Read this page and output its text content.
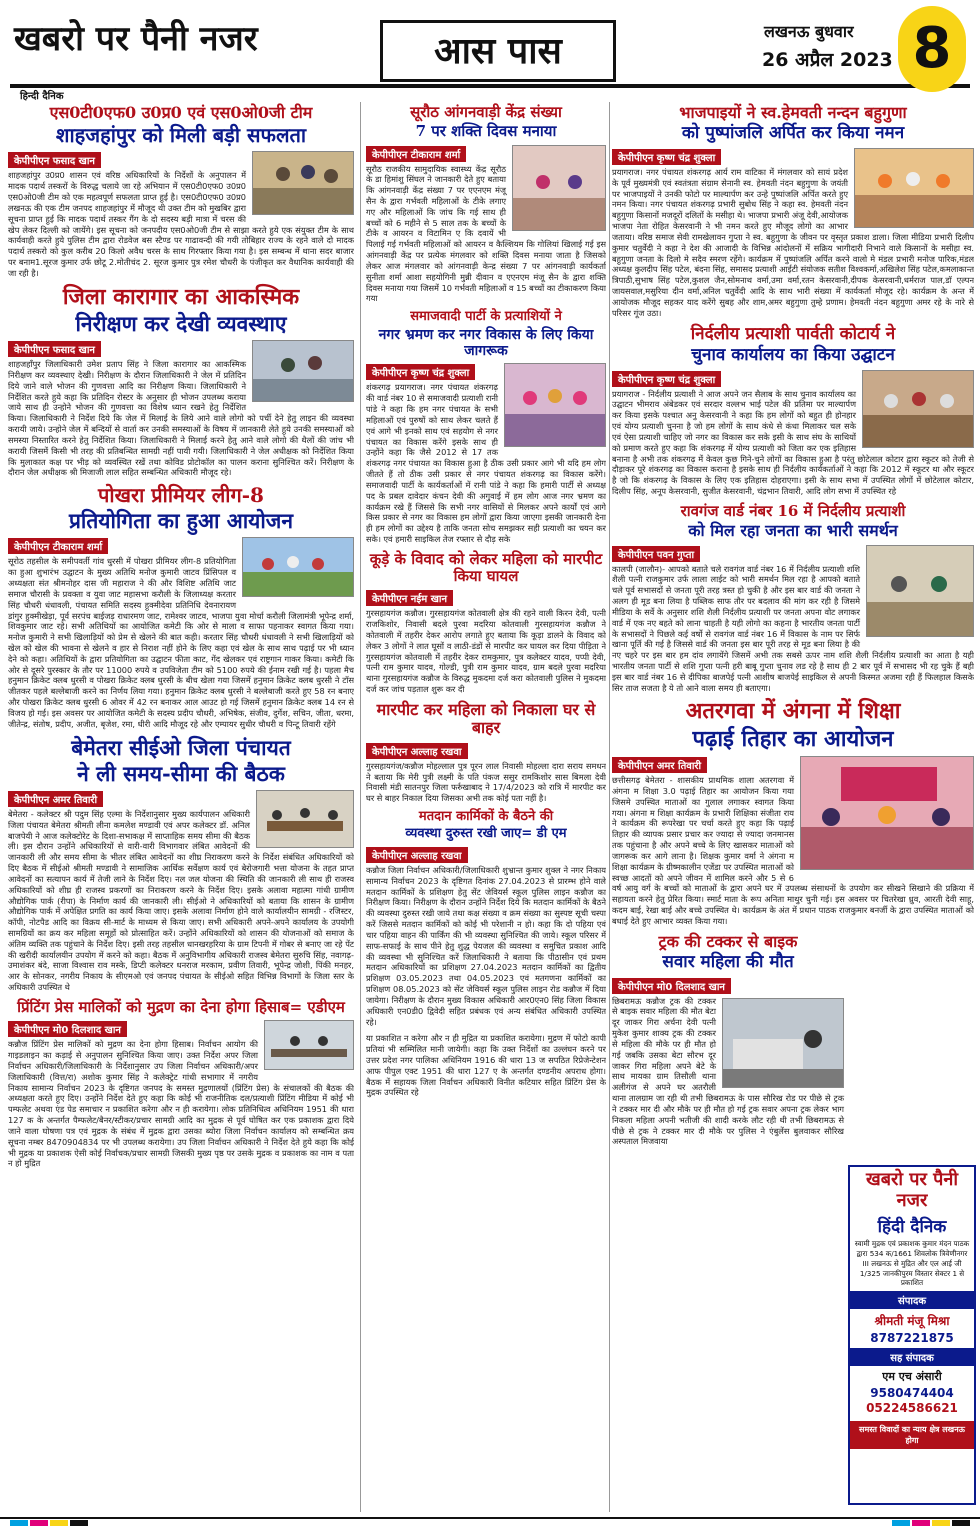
खबरो पर पैनी नजर
हिन्दी दैनिक
आस पास	लखनऊ बुधवार
26 अप्रैल 2023 8
एस0टी0एफ0 उ0प्र0 एवं एस0ओ0जी टीम
शाहजहांपुर को मिली बड़ी सफलता
केपीपीएन फसाद खान

शाहजहांपुर उ0प्र0 शासन एवं वरिष्ठ अधिकारियों के निर्देशों के अनुपालन में मादक पदार्थ तस्करों के विरुद्ध चलाये जा रहे अभियान में एस0टी0एफ0 उ0प्र0 एस0ओ0जी टीम को एक महत्वपूर्ण सफलता प्राप्त हुई है। एस0टी0एफ0 उ0प्र0 लखनऊ की एक टीम जनपद शाहजहांपुर में मौजूद थी उक्त टीम को मुखबिर द्वारा सूचना प्राप्त हुई कि मादक पदार्थ तस्कर गैंग के दो सदस्य बड़ी मात्रा में चरस की खेप लेकर दिल्ली को जायेंगे। इस सूचना को जनपदीय एस0ओ0जी टीम से साझा करते हुये एक संयुक्त टीम के साथ कार्यवाही करते हुये पुलिस टीम द्वारा रोडवेज बस स्टैण्ड पर गाढावन्दी की गयी तोबिहार राज्य के रहने वाले दो मादक पदार्थ तस्करो को कुल करीब 20 किलो अवैध चरस के साथ गिरफ्तार किया गया है। इस सम्बन्ध में थाना सदर बाजार पर बनाम1.सूरज कुमार उर्फ छोटू 2.मोतीचंद 2. सूरज कुमार पुत्र रमेश चौधरी के पंजीकृत कर वैधानिक कार्यवाही की जा रही है।

जिला कारागार का आकस्मिक
निरीक्षण कर देखी व्यवस्थाए
केपीपीएन फसाद खान

शाहजहाँपुर जिलाधिकारी उमेश प्रताप सिंह ने जिला कारागार का आकस्मिक निरीक्षण कर व्यवस्थाए देखी। निरीक्षण के दौरान जिलाधिकारी ने जेल में प्रतिदिन दिये जाने वाले भोजन की गुणवत्ता आदि का निरीक्षण किया। जिलाधिकारी ने निर्देशित करते हुये कहा कि प्रतिदिन रोस्टर के अनुसार ही भोजन उपलब्ध कराया जाये साथ ही उन्होने भोजन की गुणवत्ता का विशेष ध्यान रखने हेतु निर्देशित किया। जिलाधिकारी ने निर्देश दिये कि जेल में मिलाई के लिये आने वाले लोगो को पर्ची देने हेतु लाइन की व्यवस्था करायी जाये। उन्होने जेल में बन्दियों से वार्ता कर उनकी समस्याओं के विषय में जानकारी लेते हुये उनकी समस्याओं को समस्या निस्तारित करने हेतु निर्देशित किया। जिलाधिकारी ने मिलाई करने हेतु आने वाले लोगो की थैलों की जांच भी करायी जिसमें किसी भी तरह की प्रतिबन्धित सामग्री नहीं पायी गयी। जिलाधिकारी ने जेल अधीक्षक को निर्देशित किया कि मुलाकात कक्ष पर भीड़ को व्यवस्थित रखें तथा कोविड प्रोटोकॉल का पालन कराना सुनिश्चित करें। निरीक्षण के दौरान जेल अधीक्षक श्री मिजाजी लाल सहित सम्बन्धित अधिकारी मौजूद रहे।

पोखरा प्रीमियर लीग-8
प्रतियोगिता का हुआ आयोजन
केपीपीएन टीकाराम शर्मा

सूरोठ तहसील के समीपवर्ती गांव धुरसी में पोखरा प्रीमियर लीग-8 प्रतियोगिता का हुआ शुभारंभ उद्घाटन के मुख्य अतिथि मनोज कुमारी जाटव प्रिंसिपल व अध्यक्षता संत श्रीमनोहर दास जी महाराज ने की और विशिष्ट अतिथि जाट समाज चौरासी के प्रवक्ता व युवा जाट महासभा करौली के जिलाध्यक्ष करतार सिंह चौधरी धंधावली, पंचायत समिति सदस्य हुक्मीदेवा प्रतिनिधि देवनारायण डांगुर हुक्मीखेड़ा, पूर्व सरपंच बाईजड़ राधारमण जाट, रामेश्वर जाटव, भाजपा युवा मोर्चा करौली जिलामंत्री भूपेन्द्र शर्मा, शिवकुमार जाट रहे। सभी अतिथियों का आयोजित कमेटी कि ओर से माला व साफा पहनाकर स्वागत किया गया। मनोज कुमारी ने सभी खिलाड़ियों को प्रेम से खेलने की बात कही। करतार सिंह चौधरी धंधावली ने सभी खिलाड़ियों को खेल को खेल की भावना से खेलने व हार से निराश नहीं होने के लिए कहा एवं खेल के साथ साथ पढ़ाई पर भी ध्यान देने को कहा। अतिथियों के द्वारा प्रतियोगिता का उद्घाटन फीता काट, गेंद खेलकर एवं राष्ट्रगान गाकर किया। कमेटी कि ओर से दूसरे पुरस्कार के तौर पर 11000 रुपये व उपविजेता टीम को 5100 रुपये की ईनाम रखी गई है। पहला मैच हनुमान क्रिकेट क्लब धुरसी व पोखरा क्रिकेट क्लब धुरसी के बीच खेला गया जिसमें हनुमान क्रिकेट क्लब धुरसी ने टॉस जीतकर पहले बल्लेबाजी करने का निर्णय लिया गया। हनुमान क्रिकेट क्लब धुरसी ने बल्लेबाजी करते हुए 58 रन बनाए और पोखरा क्रिकेट क्लब धुरसी 6 ओवर में 42 रन बनाकर आल आउट हो गई जिसमें हनुमान क्रिकेट क्लब 14 रन से विजय हो गई। इस अवसर पर आयोजित कमेटी के सदस्य प्रदीप चौधरी, अभिषेक, संजीव, दुर्गेश, सचिन, जीता, धरमा, जीतेन्द्र, संतोष, प्रदीप, अजीत, बृजेश, रमा, धीरी आदि मौजूद रहे और एम्पायर सुधीर चौधरी व पिन्टू तिवारी रहेंगे

बेमेतरा सीईओ जिला पंचायत
ने ली समय-सीमा की बैठक
केपीपीएन अमर तिवारी

बेमेतरा - कलेक्टर श्री पदुम सिंह एल्मा के निर्देशानुसार मुख्य कार्यपालन अधिकारी जिला पंचायत बेमेतरा श्रीमती लीना कमलेश मण्डावी एवं अपर कलेक्टर डॉ. अनिल बाजपेयी ने आज कलेक्टोरेट के दिशा-सभाकक्ष में साप्ताहिक समय सीमा की बैठक ली। इस दौरान उन्होंने अधिकारियों से वारी-वारी विभागवार लंबित आवेदनों की जानकारी ली और समय सीमा के भीतर लंबित आवेदनों का शीघ्र निराकरण करने के निर्देश संबंधित अधिकारियों को दिए बैठक में सीईओ श्रीमती मण्डावी ने सामाजिक आर्थिक सर्वेक्षण कार्य एवं बेरोजगारी भत्ता योजना के तहत प्राप्त आवेदनों का सत्यापन कार्य में तेजी लाने के निर्देश दिए। नल जल योजना की स्थिति की जानकारी ली साथ ही राजस्व अधिकारियों को शीघ्र ही राजस्व प्रकरणों का निराकरण करने के निर्देश दिए। इसके अलावा महात्मा गांधी ग्रामीण औद्योगिक पार्क (रीपा) के निर्माण कार्य की जानकारी ली। सीईओ ने अधिकारियों को बताया कि शासन के ग्रामीण औद्योगिक पार्क में अपेक्षित प्रगति का कार्य किया जाए। इसके अलावा निर्माण होने वाले कार्यालयीन सामग्री - रजिस्टर, कॉपी, नोटपैड आदि का विक्रय सी-मार्ट के माध्यम से किया जाए। सभी अधिकारी अपने-अपने कार्यालय के उपयोगी सामग्रियों का क्रय कर महिला समूहों को प्रोत्साहित करें। उन्होंने अधिकारियों को शासन की योजनाओं को समाज के अंतिम व्यक्ति तक पहुंचाने के निर्देश दिए। इसी तरह तहसील धानखरहरिया के ग्राम टिपनी में गोबर से बनाए जा रहे पेंट की खरीदी कार्यालयीन उपयोग में करने को कहा। बैठक में अनुविभागीय अधिकारी राजस्व बेमेतरा सुरुचि सिंह, नवागढ़-उमाशंकर बंदे, साजा विश्वास राव मस्के, डिप्टी कलेक्टर धनराज मरकाम, प्रवीण तिवारी, भूपेन्द्र जोशी, पिंकी मनहर, आर के सोनकर, नगरीय निकाय के सीएमओ एवं जनपद पंचायत के सीईओ सहित विभिन्न विभागों के जिला स्तर के अधिकारी उपस्थित थे

प्रिंटिंग प्रेस मालिकों को मुद्रण का देना होगा हिसाब= एडीएम
केपीपीएन मो0 दिलशाद खान

कन्नौज प्रिंटिंग प्रेस मालिकों को मुद्रण का देना होगा हिसाब। निर्वाचन आयोग की गाइडलाइन का कड़ाई से अनुपालन सुनिश्चित किया जाए। उक्त निर्देश अपर जिला निर्वाचन अधिकारी/जिलाधिकारी के निर्देशानुसार उप जिला निर्वाचन अधिकारी/अपर जिलाधिकारी (वित्त/रा) अशोक कुमार सिंह ने कलेक्ट्रेट गांधी सभागार में नगरीय निकाय सामान्य निर्वाचन 2023 के दृष्टिगत जनपद के समस्त मुद्रणालयों (प्रिंटिंग प्रेस) के संचालकों की बैठक की अध्यक्षता करते हुए दिए। उन्होंने निर्देश देते हुए कहा कि कोई भी राजनीतिक दल/प्रत्याशी प्रिंटिंग मीडिया में कोई भी पम्फलेट अथवा एंड पेड समाचार न प्रकाशित करेगा और न ही करायेगा। लोक प्रतिनिधित्व अधिनियम 1951 की धारा 127 क के अन्तर्गत पैम्फलेट/बैनर/स्टीकर/प्रचार सामग्री आदि का मुद्रक से पूर्व घोषित कर एक प्रकाशक द्वारा दिये जाने वाला घोषणा पत्र एवं मुद्रक के संबंध में मुद्रक द्वारा उसका ब्योरा जिला निर्वाचन कार्यालय को सम्बन्धित क्रय सूचना नम्बर 8470904834 पर भी उपलब्ध करायेगा। उप जिला निर्वाचन अधिकारी ने निर्देश देते हुये कहा कि कोई भी मुद्रक या प्रकाशक ऐसी कोई निर्वाचक/प्रचार सामग्री जिसकी मुख्य पृष्ठ पर उसके मुद्रक व प्रकाशक का नाम व पता न हो मुद्रित

सूरौठ आंगनवाड़ी केंद्र संख्या
7 पर शक्ति दिवस मनाया
केपीपीएन टीकाराम शर्मा

सूरौठ राजकीय सामुदायिक स्वास्थ्य केंद्र सूरौठ के डा हिमांशु सिंघल ने जानकारी देते हुए बताया कि आंगनवाड़ी केंद्र संख्या 7 पर एएनएम मंजू सैन के द्वारा गर्भवती महिलाओं के टीके लगाए गए और महिलाओं कि जांच कि गई साथ ही बच्चों को 6 महीने से 5 साल तक के बच्चों के टीके व आयरन व विटामिन ए कि दवायें भी पिलाई गई गर्भवती महिलाओं को आयरन व कैल्शियम कि गोलियां खिलाई गई इस आंगनवाड़ी केंद्र पर प्रत्येक मंगलवार को शक्ति दिवस मनाया जाता है जिसको लेकर आज मंगलवार को आंगनवाड़ी केन्द्र संख्या 7 पर आंगनवाड़ी कार्यकर्ता सुनीता शर्मा आशा सहयोगिनी मुन्नी दीवान व एएनएम मंजू सैन के द्वारा शक्ति दिवस मनाया गया जिसमें 10 गर्भवती महिलाओं व 15 बच्चों का टीकाकरण किया गया

समाजवादी पार्टी के प्रत्याशियों ने
नगर भ्रमण कर नगर विकास के लिए किया जागरूक
केपीपीएन कृष्ण चंद्र शुक्ला

शंकरगढ़ प्रयागराज। नगर पंचायत शंकरगढ़ की वार्ड नंबर 10 से समाजवादी प्रत्याशी रानी पांडे ने कहा कि हम नगर पंचायत के सभी महिलाओं एवं पुरुषों को साथ लेकर चलते हैं एवं आगे भी इनको साथ एवं सहयोग से नगर पंचायत का विकास करेंगे इसके साथ ही उन्होंने कहा कि जैसे 2012 से 17 तक शंकरगढ़ नगर पंचायत का विकास हुआ है ठीक उसी प्रकार आगे भी यदि हम लोग जीतते हैं तो ठीक उसी प्रकार से नगर पंचायत शंकरगढ़ का विकास करेंगे। समाजवादी पार्टी के कार्यकर्ताओं में रानी पांडे ने कहा कि हमारी पार्टी से अध्यक्ष पद के प्रबल दावेदार कंचन देवी की अगुवाई में हम लोग आज नगर भ्रमण का कार्यक्रम रखे हैं जिससे कि सभी नगर वासियों से मिलकर अपने कार्यों एवं आगे किस प्रकार से नगर का विकास हम लोगों द्वारा किया जाएगा इसकी जानकारी देना ही हम लोगों का उद्देश्य है ताकि जनता सोच समझकर सही प्रत्याशी का चयन कर सके। एवं हमारी साइकिल तेज रफ्तार से दौड़ सके

कूड़े के विवाद को लेकर महिला को मारपीट किया घायल
केपीपीएन नईम खान

गुरसहायगंज कन्नौज। गुरसहायगंज कोतवाली क्षेत्र की रहने वाली किरन देवी, पत्नी राजकिशोर, निवासी बदले पुरवा मदरिया कोतवाली गुरसहायगंज कन्नौज ने कोतवाली में तहरीर देकर आरोप लगाते हुए बताया कि कूड़ा डालने के विवाद को लेकर 3 लोगों ने लात घूसों व लाठी-डंडों से मारपीट कर घायल कर दिया पीड़िता ने गुरसहायगंज कोतवाली में तहरीर देकर रामकुमार, पुत्र कलेक्टर यादव, पप्पी देवी, पत्नी राम कुमार यादव, गोल्डी, पुत्री राम कुमार यादव, ग्राम बदले पुरवा मदरिया थाना गुरसहायगंज कन्नौज के विरुद्ध मुकदमा दर्ज करा कोतवाली पुलिस ने मुकदमा दर्ज कर जांच पड़ताल शुरू कर दी

मारपीट कर महिला को निकाला घर से बाहर
केपीपीएन अल्लाह रखवा

गुरसहायगंज/कन्नौज मोहल्लाल पुत्र पूरन लाल निवासी मोहल्ला दारा सराय समधन ने बताया कि मेरी पुत्री लक्ष्मी के पति पंकज ससुर रामकिशोर सास बिमला देवी निवासी मंडी सातनपुर जिला फर्रुखाबाद ने 17/4/2023 को रात्रि में मारपीट कर घर से बाहर निकाल दिया जिसका अभी तक कोई पता नहीं है।

मतदान कार्मिकों के बैठने की
व्यवस्था दुरुस्त रखी जाए= डी एम
केपीपीएन अल्लाह रखवा

कन्नौज जिला निर्वाचन अधिकारी/जिलाधिकारी शुभ्रान्त कुमार शुक्ल ने नगर निकाय सामान्य निर्वाचन 2023 के दृष्टिगत दिनांक 27.04.2023 से प्रारम्भ होने वाले मतदान कार्मिकों के प्रशिक्षण हेतु सेंट जेवियर्स स्कूल पुलिस लाइन कन्नौज का निरीक्षण किया। निरीक्षण के दौरान उन्होंने निर्देश दिये कि मतदान कार्मिकों के बैठने की व्यवस्था दुरुस्त रखी जाये तथा कक्ष संख्या व क्रम संख्या का सुस्पष्ट सूची चस्पा करें जिससे मतदान कार्मिकों को कोई भी परेशानी न हो। कहा कि दो पहिया एवं चार पहिया वाहन की पार्किंग की भी व्यवस्था सुनिश्चित की जाये। स्कूल परिसर में साफ-सफाई के साथ पीने हेतु शुद्ध पेयजल की व्यवस्था व समुचित प्रकाश आदि की व्यवस्था भी सुनिश्चित करें जिलाधिकारी ने बताया कि पीठासीन एवं प्रथम मतदान अधिकारियों का प्रशिक्षण 27.04.2023 मतदान कार्मिकों का द्वितीय प्रशिक्षण 03.05.2023 तथा 04.05.2023 एवं मतगणना कार्मिकों का प्रशिक्षण 08.05.2023 को सेंट जेवियर्स स्कूल पुलिस लाइन रोड कन्नौज में दिया जायेगा। निरीक्षण के दौरान मुख्य विकास अधिकारी आर0एन0 सिंह जिला विकास अधिकारी एन0डी0 द्विवेदी सहित प्रबंधक एवं अन्य संबंधित अधिकारी उपस्थित रहे।

या प्रकाशित न करेगा और न ही मुद्रित या प्रकाशित करायेगा। मुद्रण में फोटो कापी प्रतियां भी सम्मिलित मानी जायेगी। कहा कि उक्त निर्देशों का उल्लंघन करने पर उत्तर प्रदेश नगर पालिका अधिनियम 1916 की धारा 13 ज सपठित रिप्रेजेन्टेशन आफ पीपुल एक्ट 1951 की धारा 127 ए के अन्तर्गत दण्डनीय अपराध होगा। बैठक में सहायक जिला निर्वाचन अधिकारी विनीत कटियार सहित प्रिंटिंग प्रेस के मुद्रक उपस्थित रहे

भाजपाइयों ने स्व.हेमवती नन्दन बहुगुणा
को पुष्पांजलि अर्पित कर किया नमन
केपीपीएन कृष्ण चंद्र शुक्ला

प्रयागराज। नगर पंचायत शंकरगढ़ आर्य राम वाटिका में मंगलवार को सायं प्रदेश के पूर्व मुख्यमंत्री एवं स्वतंत्रता संग्राम सेनानी स्व. हेमवती नंदन बहुगुणा के जयंती पर भाजपाइयों ने उनकी फोटो पर माल्यार्पण कर उन्हे पुष्पांजलि अर्पित करते हुए नमन किया। नगर पंचायत शंकरगढ़ प्रभारी सुबोध सिंह ने कहा स्व. हेमवती नंदन बहुगुणा किसानों मजदूरों दलितों के मसीहा थे। भाजपा प्रभारी अंजू देवी,आयोजक भाजपा नेता रोहित केसरवानी ने भी नमन करते हुए मौजूद लोगो का आभार जताया। वरिष्ठ समाज सेवी रामखेलावन गुप्ता ने स्व. बहुगुणा के जीवन पर वृस्तृत प्रकाश डाला। जिला मीडिया प्रभारी दिलीप कुमार चतुर्वेदी ने कहा ने देश की आजादी के विभिन्न आंदोलनों में सक्रिय भागीदारी निभाने वाले किसानों के मसीहा स्व. बहुगुणा जनता के दिलो मे सदैव स्मरण रहेंगे। कार्यक्रम में पुष्पांजलि अर्पित करने वालो मे मंडल प्रभारी मनोज पारिक,मंडल अध्यक्ष कुलदीप सिंह पटेल, बंदना सिंह, समासद प्रत्याशी आईटी संयोजक सतीश विश्वकर्मा,अखिलेश सिंह पटेल,कमलाकान्त त्रिपाठी,सुभाष सिंह पटेल,कुशल जैन,सोमनाथ वर्मा,उमा वर्मा,रतन केसरवानी,दीपक केसरवानी,धर्मराज पाल,डॉ एल्पन जायसवाल,मसुरिया दीन वर्मा,अनिल चतुर्वेदी आदि के साथ भारी संख्या में कार्यकर्ता मौजूद रहे। कार्यक्रम के अन्त में आयोजक मौजूद सहकर याद करेंगे सुबह और शाम,अमर बहुगुणा तुम्हे प्रणाम। हेमवती नंदन बहुगुणा अमर रहे के नारे से परिसर गूंज उठा।

निर्दलीय प्रत्याशी पार्वती कोटार्य ने
चुनाव कार्यालय का किया उद्घाटन
केपीपीएन कृष्ण चंद्र शुक्ला

प्रयागराज - निर्दलीय प्रत्याशी ने आज अपने जन सैलाब के साथ चुनाव कार्यालय का उद्घाटन भीमराव अंबेडकर एवं सरदार वल्लभ भाई पटेल की प्रतिमा पर माल्यार्पण कर किया इसके पश्चात अनु केसरवानी ने कहा कि हम लोगों को बहुत ही होनहार एवं योग्य प्रत्याशी चुनना है जो हम लोगों के साथ कंधे से कंधा मिलाकर चल सके एवं ऐसा प्रत्याशी चाहिए जो नगर का विकास कर सके इसी के साथ संघ के साथियों को प्रमाण करते हुए कहा कि शंकरगढ़ में योग्य प्रत्याशी को जिता कर एक इतिहास बनाना है अभी तक शंकरगढ़ में केवल कुछ गिने-चुने लोगों का विकास हुआ है परंतु छोटेलाल कोटार द्वारा स्कूटर को तेजी से दौड़ाकर पूरे शंकरगढ़ का विकास कराना है इसके साथ ही निर्दलीय कार्यकर्ताओं ने कहा कि 2012 में स्कूटर था और स्कूटर है जो कि शंकरगढ़ के विकास के लिए एक इतिहास दोहराएगा। इसी के साथ सभा में उपस्थित लोगों में छोटेलाल कोटार, दिलीप सिंह, अनूप केसरवानी, सुजीत केसरवानी, चंद्रभान तिवारी, आदि लोग सभा में उपस्थित रहे

रावगंज वार्ड नंबर 16 में निर्दलीय प्रत्याशी
को मिल रहा जनता का भारी समर्थन
केपीपीएन पवन गुप्ता

कालपी (जालौन)- आपको बताते चले रावगंज वार्ड नंबर 16 में निर्दलीय प्रत्याशी शशि शैली पत्नी राजकुमार उर्फ लाला लाईट को भारी समर्थन मिल रहा है आपको बताते चले पूर्व सभासदों से जनता पूरी तरह त्रस्त हो चुकी है और इस बार वार्ड की जनता ने अलग ही मूड बना लिया है पब्लिक साफ तौर पर बदलाव की मांग कर रही है जिसमे मीडिया के सर्वे के अनुसार शशि शैली निर्दलीय प्रत्याशी पर जनता अपना वोट लगाकर वार्ड में एक नए बहते को लाना चाहती है यही लोगो का कहना है भारतीय जनता पार्टी के सभासदों ने पिछले कई वर्षो से रावगंज वार्ड नंबर 16 में विकास के नाम पर सिर्फ खाना पूर्ति की गई है जिससे वार्ड की जनता इस बार पूरी तरह से मूड बना लिया है की नए चहरे पर इस बार हम दांव लगायेंगे जिसमें अभी तक सबसे ऊपर नाम शशि शैली निर्दलीय प्रत्याशी का आता है यही भारतीय जनता पार्टी से शशि गुप्ता पत्नी हरी बाबू गुप्ता चुनाव लड रहे है साथ ही 2 बार पूर्व में सभासद भी रह चुके हैं बही इस बार वार्ड नंबर 16 से दीपिका बाजपेई पत्नी आशीष बाजपेई साइकिल से अपनी किस्मत अजमा रही हैं फिलहाल किसके सिर ताज सजता है ये तो आने वाला समय ही बताएगा।

अतरगवा में अंगना में शिक्षा
पढ़ाई तिहार का आयोजन
केपीपीएन अमर तिवारी

छत्तीसगढ़ बेमेतरा - शासकीय प्राथमिक शाला अतरगवा में अंगना म शिक्षा 3.0 पढ़ाई तिहार का आयोजन किया गया जिसमे उपस्थित माताओं का गुलाल लगाकर स्वागत किया गया। अंगना म शिक्षा कार्यक्रम के प्रभारी शिक्षिका संजीता राय ने कार्यक्रम की रूपरेखा पर चर्चा करते हुए कहा कि पढ़ाई तिहार की व्यापक प्रसार प्रचार कर ज्यादा से ज्यादा जनमानस तक पहुंचाना है और अपने बच्चे के लिए खासकर माताओं को जागरूक कर आगे लाना है। शिक्षक कुमार वर्मा ने अंगना म शिक्षा कार्यक्रम के ग्रीष्मकालीन एजेंडा पर उपस्थित माताओं को स्वच्छ आदतों को अपने जीवन में शामिल करने और 5 से 6 वर्ष आयु वर्ग के बच्चों को माताओं के द्वारा अपने घर में उपलब्ध संसाधनों के उपयोग कर सीखने सिखाने की प्रक्रिया में सहायता करने हेतु प्रेरित किया। स्मार्ट माता के रूप अनिता माथुर चुनी गई। इस अवसर पर चितरेखा ध्रुव, आरती देवी साहू, कदम बाई, रेखा बाई और बच्चे उपस्थित थे। कार्यक्रम के अंत में प्रधान पाठक राजकुमार बनर्जी के द्वारा उपस्थित माताओं को बधाई देते हुए आभार व्यक्त किया गया।

ट्रक की टक्कर से बाइक
सवार महिला की मौत
केपीपीएन मो0 दिलशाद खान

छिबरामऊ कन्नौज ट्रक की टक्कर से बाइक सवार महिला की मौत बेटा दूर जाकर गिरा अर्चना देवी पत्नी मुकेश कुमार शाक्य ट्रक की टक्कर से महिला की मौके पर ही मौत हो गई जबकि उसका बेटा सौरभ दूर जाकर गिरा महिला अपने बेटे के साथ मायका ग्राम तिसौली थाना अलीगंज से अपने घर अतरौली थाना तालग्राम जा रही थी तभी छिबरामऊ के पास सौरिख रोड पर पीछे से ट्रक ने टक्कर मार दी और मौके पर ही मौत हो गई ट्रक सवार अपना ट्रक लेकर भाग निकला महिला अपनी भतीजी की शादी करके लौट रही थी तभी छिबरामऊ से पीछे से ट्रक ने टक्कर मार दी मौके पर पुलिस ने एंबुलेंस बुलवाकर सौरिख अस्पताल मिजवाया

खबरो पर पैनी नजर
हिंदी दैनिक
स्वामी मुद्रक एवं प्रकाशक कुमार मंदन पाठक द्वारा 534 क/1661 शिवलोक त्रिवेणीनगर III लखनऊ से मुद्रित और एल आई जी 1/325 जानकीपुरम विस्तार सेक्टर 1 से प्रकाशित
संपादक
श्रीमती मंजू मिश्रा
8787221875
सह संपादक
एम एच अंसारी
9580474404
05224586621
समस्त विवादों का न्याय क्षेत्र लखनऊ होगा
